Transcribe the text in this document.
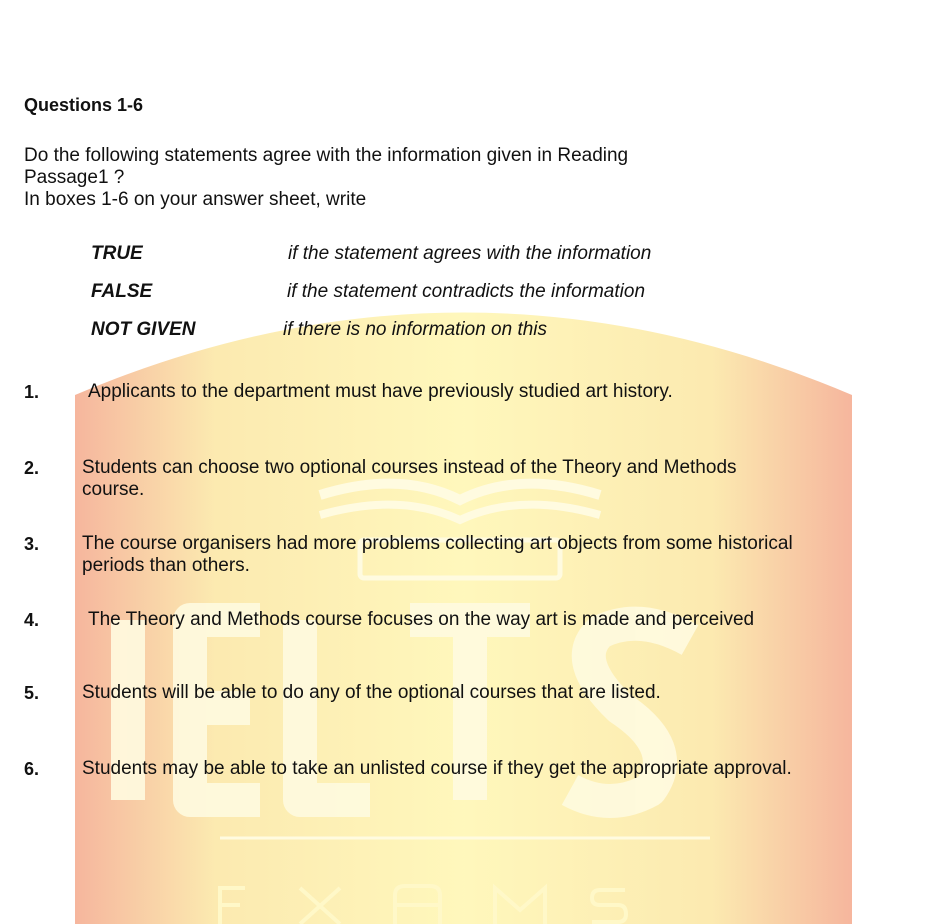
Questions 1-6

Do the following statements agree with the information given in Reading

Passage1 ?

In boxes 1-6 on your answer sheet, write

TRUE	if the statement agrees with the information
FALSE	if the statement contradicts the information
NOT GIVEN	if there is no information on this
1.	Applicants to the department must have previously studied art history.
2. Students can choose two optional courses instead of the Theory and Methods course.
3. The course organisers had more problems collecting art objects from some historical periods than others.
4.	The Theory and Methods course focuses on the way art is made and perceived
5. Students will be able to do any of the optional courses that are listed.
6. Students may be able to take an unlisted course if they get the appropriate approval.
